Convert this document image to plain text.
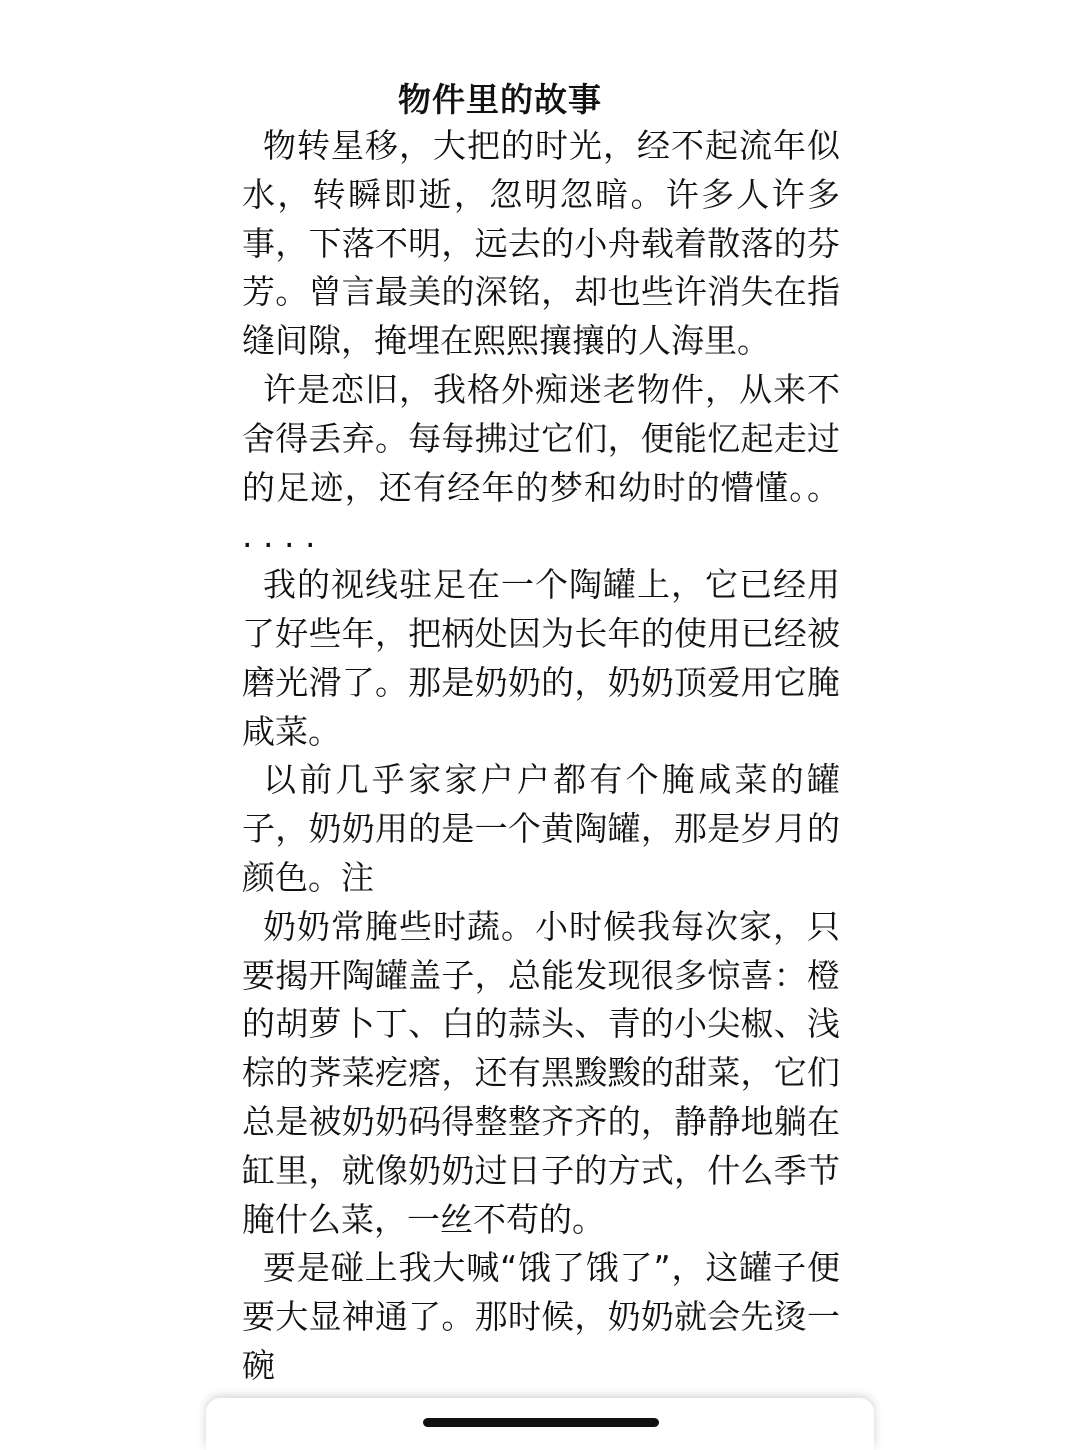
物件里的故事

物转星移，大把的时光，经不起流年似水，转瞬即逝，忽明忽暗。许多人许多事，下落不明，远去的小舟载着散落的芬芳。曾言最美的深铭，却也些许消失在指缝间隙，掩埋在熙熙攘攘的人海里。

许是恋旧，我格外痴迷老物件，从来不舍得丢弃。每每拂过它们，便能忆起走过的足迹，还有经年的梦和幼时的懵懂。。 . . . .

我的视线驻足在一个陶罐上，它已经用了好些年，把柄处因为长年的使用已经被磨光滑了。那是奶奶的，奶奶顶爱用它腌咸菜。

以前几乎家家户户都有个腌咸菜的罐子，奶奶用的是一个黄陶罐，那是岁月的颜色。注

奶奶常腌些时蔬。小时候我每次家，只要揭开陶罐盖子，总能发现很多惊喜：橙的胡萝卜丁、白的蒜头、青的小尖椒、浅棕的荠菜疙瘩，还有黑黢黢的甜菜，它们总是被奶奶码得整整齐齐的，静静地躺在缸里，就像奶奶过日子的方式，什么季节腌什么菜，一丝不苟的。

要是碰上我大喊“饿了饿了”，这罐子便要大显神通了。那时候，奶奶就会先烫一碗
